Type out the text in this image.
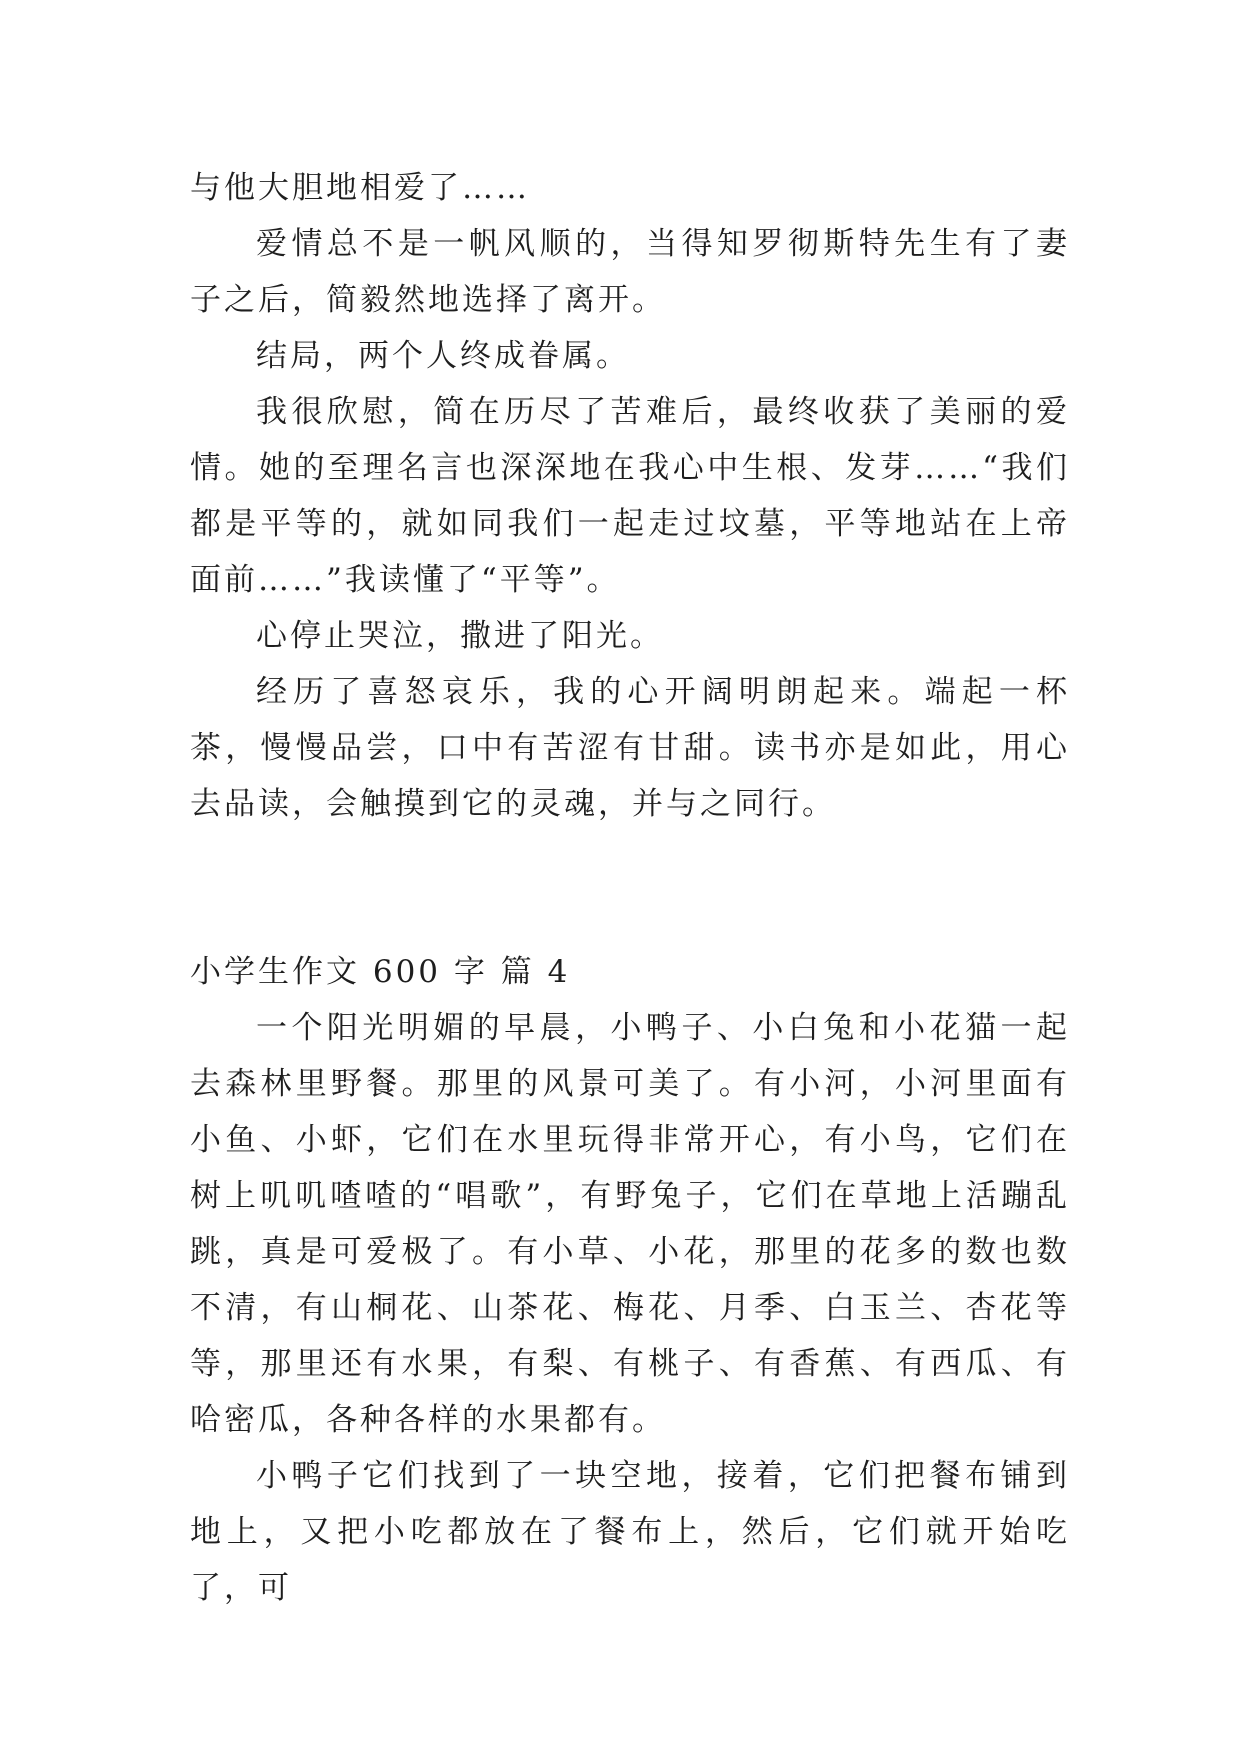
与他大胆地相爱了……

爱情总不是一帆风顺的，当得知罗彻斯特先生有了妻子之后，简毅然地选择了离开。

结局，两个人终成眷属。

我很欣慰，简在历尽了苦难后，最终收获了美丽的爱情。她的至理名言也深深地在我心中生根、发芽……“我们都是平等的，就如同我们一起走过坟墓，平等地站在上帝面前……”我读懂了“平等”。

心停止哭泣，撒进了阳光。

经历了喜怒哀乐，我的心开阔明朗起来。端起一杯茶，慢慢品尝，口中有苦涩有甘甜。读书亦是如此，用心去品读，会触摸到它的灵魂，并与之同行。

小学生作文 600 字 篇 4

一个阳光明媚的早晨，小鸭子、小白兔和小花猫一起去森林里野餐。那里的风景可美了。有小河，小河里面有小鱼、小虾，它们在水里玩得非常开心，有小鸟，它们在树上叽叽喳喳的“唱歌”，有野兔子，它们在草地上活蹦乱跳，真是可爱极了。有小草、小花，那里的花多的数也数不清，有山桐花、山茶花、梅花、月季、白玉兰、杏花等等，那里还有水果，有梨、有桃子、有香蕉、有西瓜、有哈密瓜，各种各样的水果都有。

小鸭子它们找到了一块空地，接着，它们把餐布铺到地上，又把小吃都放在了餐布上，然后，它们就开始吃了，可
